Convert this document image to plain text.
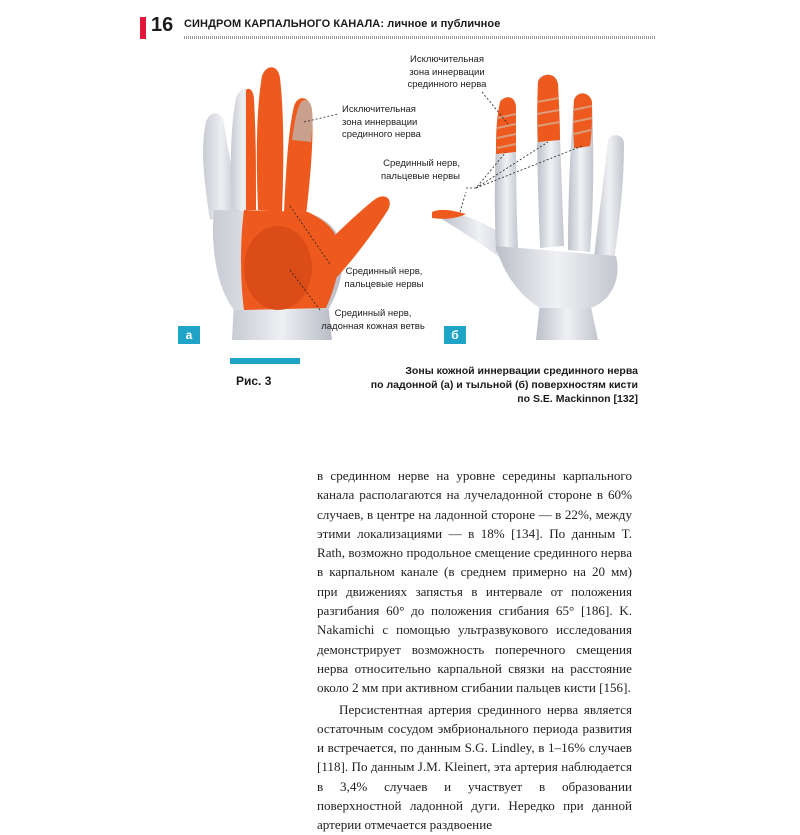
16 СИНДРОМ КАРПАЛЬНОГО КАНАЛА: личное и публичное
Исключительная
зона иннервации
срединного нерва
Срединный нерв,
пальцевые нервы
Срединный нерв,
ладонная кожная ветвь
Исключительная
зона иннервации
срединного нерва
Срединный нерв,
пальцевые нервы
а	б
Рис. 3
Зоны кожной иннервации срединного нерва
по ладонной (а) и тыльной (б) поверхностям кисти
по S.E. Mackinnon [132]

в срединном нерве на уровне середины карпального канала располагаются на лучеладонной стороне в 60% случаев, в центре на ладонной стороне — в 22%, между этими локализациями — в 18% [134]. По данным T. Rath, возможно продольное смещение срединного нерва в карпальном канале (в среднем примерно на 20 мм) при движениях запястья в интервале от положения разгибания 60° до положения сгибания 65° [186]. K. Nakamichi с помощью ультразвукового исследования демонстрирует возможность поперечного смещения нерва относительно карпальной связки на расстояние около 2 мм при активном сгибании пальцев кисти [156].

Персистентная артерия срединного нерва является остаточным сосудом эмбрионального периода развития и встречается, по данным S.G. Lindley, в 1–16% случаев [118]. По данным J.M. Kleinert, эта артерия наблюдается в 3,4% случаев и участвует в образовании поверхностной ладонной дуги. Нередко при данной артерии отмечается раздвоение
